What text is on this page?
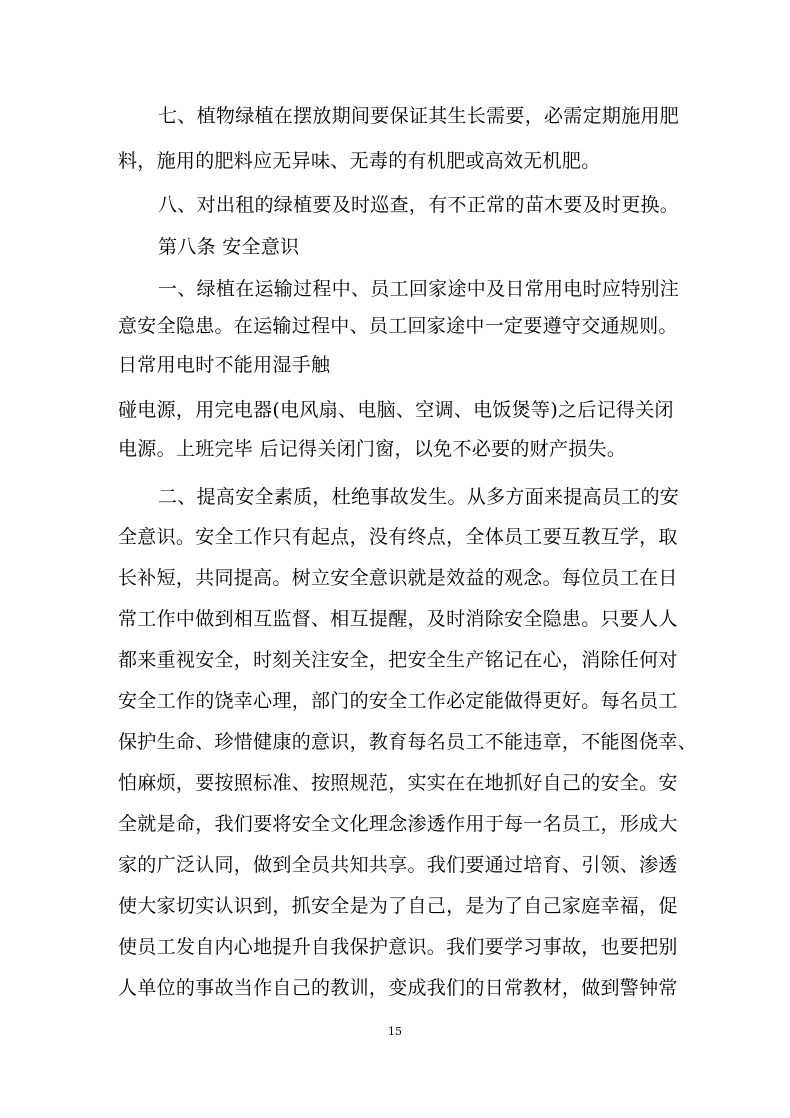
七、植物绿植在摆放期间要保证其生长需要，必需定期施用肥
料，施用的肥料应无异味、无毒的有机肥或高效无机肥。
八、对出租的绿植要及时巡查，有不正常的苗木要及时更换。
第八条 安全意识
一、绿植在运输过程中、员工回家途中及日常用电时应特别注
意安全隐患。在运输过程中、员工回家途中一定要遵守交通规则。
日常用电时不能用湿手触
碰电源，用完电器(电风扇、电脑、空调、电饭煲等)之后记得关闭
电源。上班完毕 后记得关闭门窗，以免不必要的财产损失。
二、提高安全素质，杜绝事故发生。从多方面来提高员工的安
全意识。安全工作只有起点，没有终点，全体员工要互教互学，取
长补短，共同提高。树立安全意识就是效益的观念。每位员工在日
常工作中做到相互监督、相互提醒，及时消除安全隐患。只要人人
都来重视安全，时刻关注安全，把安全生产铭记在心，消除任何对
安全工作的饶幸心理，部门的安全工作必定能做得更好。每名员工
保护生命、珍惜健康的意识，教育每名员工不能违章，不能图侥幸、
怕麻烦，要按照标准、按照规范，实实在在地抓好自己的安全。安
全就是命，我们要将安全文化理念渗透作用于每一名员工，形成大
家的广泛认同，做到全员共知共享。我们要通过培育、引领、渗透
使大家切实认识到，抓安全是为了自己，是为了自己家庭幸福，促
使员工发自内心地提升自我保护意识。我们要学习事故，也要把别
人单位的事故当作自己的教训，变成我们的日常教材，做到警钟常
15
